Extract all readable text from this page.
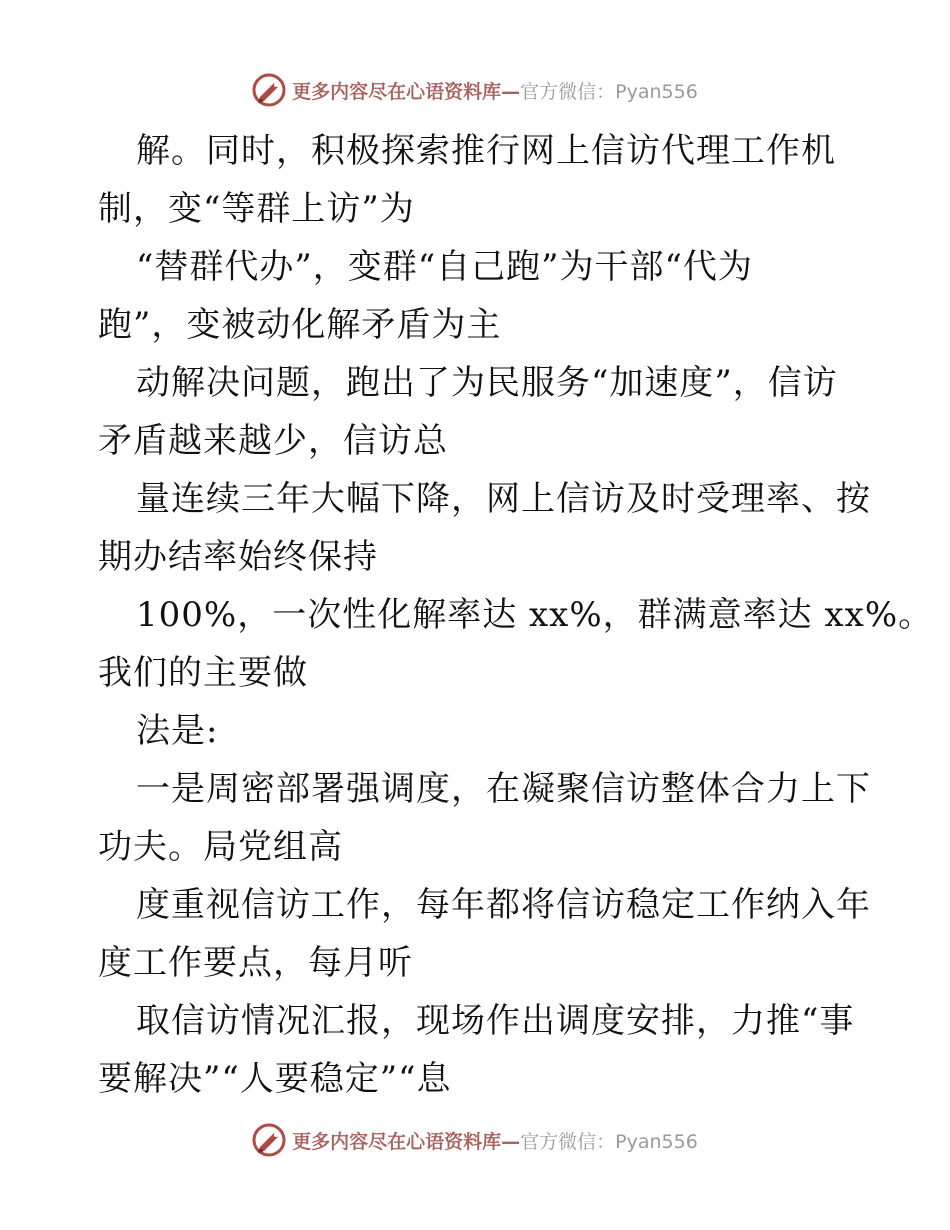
更多内容尽在心语资料库—官方微信：Pyan556
解。同时，积极探索推行网上信访代理工作机
制，变“等群上访”为
“替群代办”，变群“自己跑”为干部“代为
跑”，变被动化解矛盾为主
动解决问题，跑出了为民服务“加速度”，信访
矛盾越来越少，信访总
量连续三年大幅下降，网上信访及时受理率、按
期办结率始终保持
100%，一次性化解率达 xx%，群满意率达 xx%。
我们的主要做
法是:
一是周密部署强调度，在凝聚信访整体合力上下
功夫。局党组高
度重视信访工作，每年都将信访稳定工作纳入年
度工作要点，每月听
取信访情况汇报，现场作出调度安排，力推“事
要解决”“人要稳定”“息
更多内容尽在心语资料库—官方微信：Pyan556
